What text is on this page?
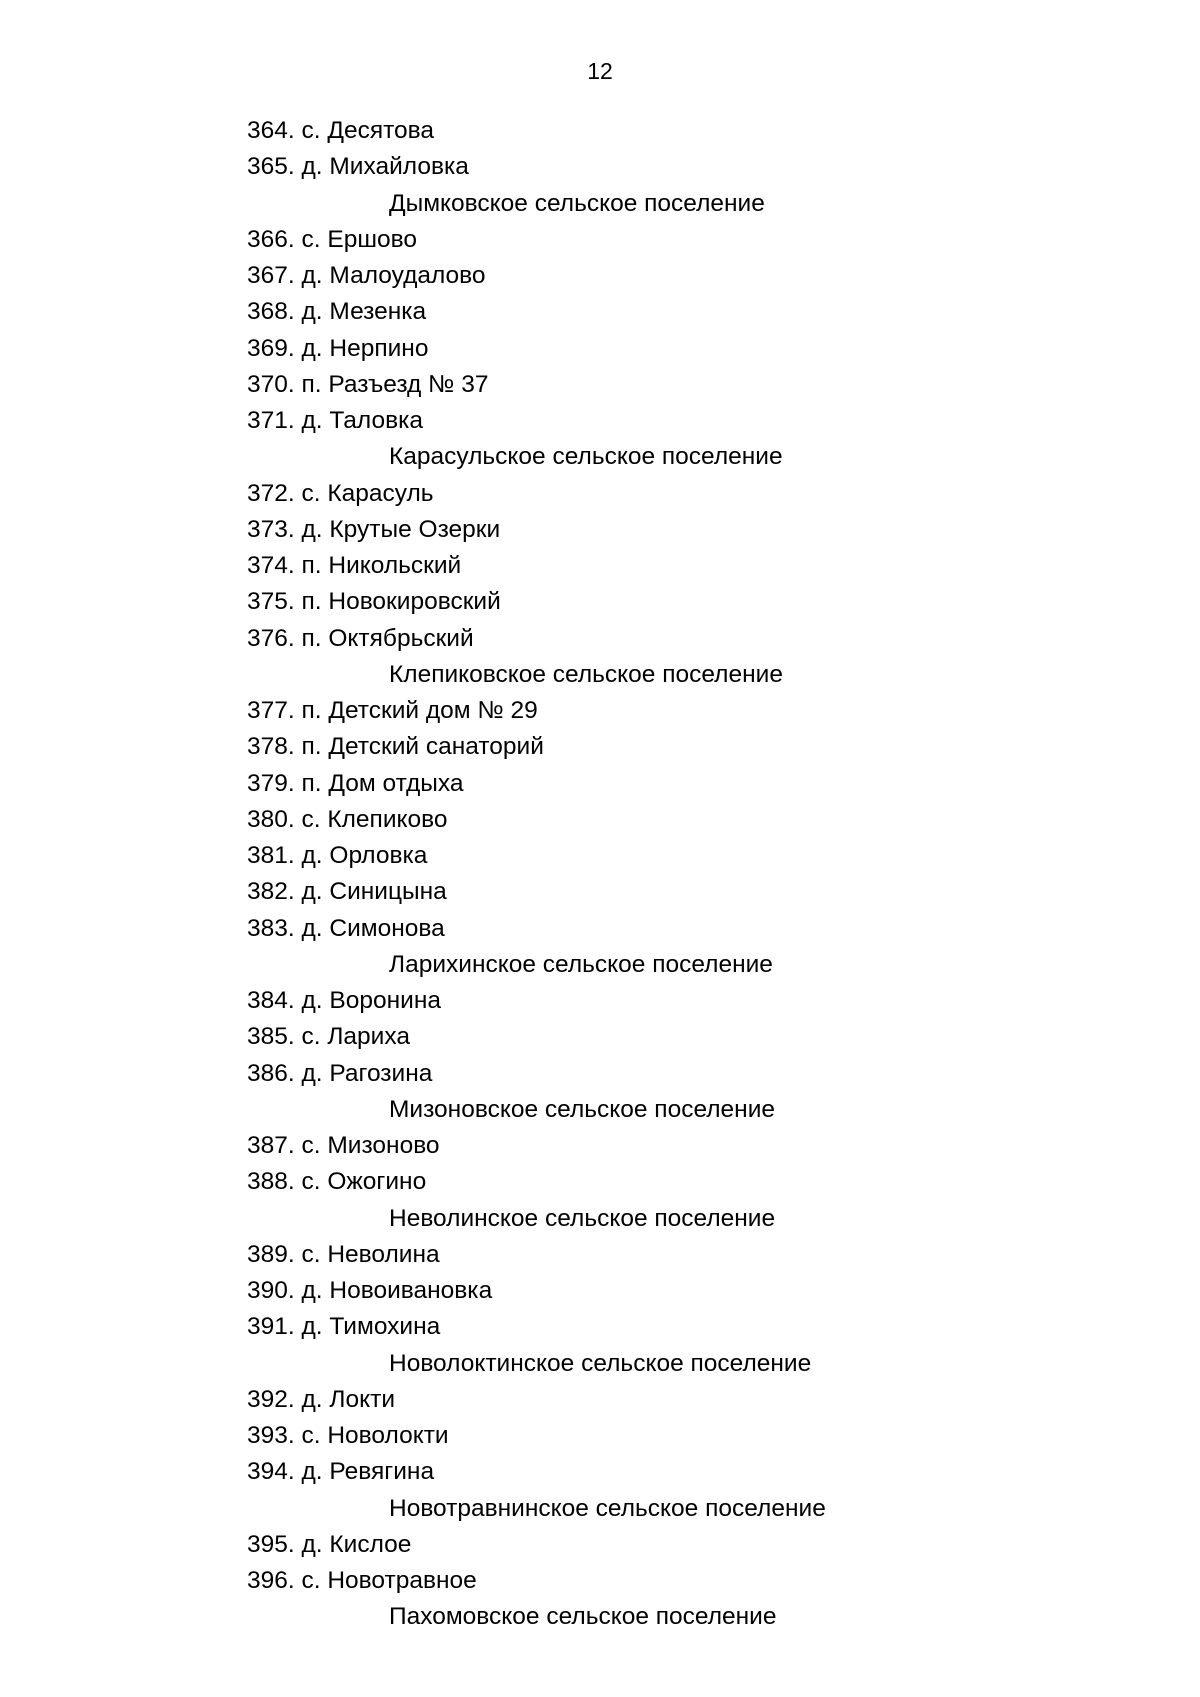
12
364. с. Десятова
365. д. Михайловка
Дымковское сельское поселение
366. с. Ершово
367. д. Малоудалово
368. д. Мезенка
369. д. Нерпино
370. п. Разъезд № 37
371. д. Таловка
Карасульское сельское поселение
372. с. Карасуль
373. д. Крутые Озерки
374. п. Никольский
375. п. Новокировский
376. п. Октябрьский
Клепиковское сельское поселение
377. п. Детский дом № 29
378. п. Детский санаторий
379. п. Дом отдыха
380. с. Клепиково
381. д. Орловка
382. д. Синицына
383. д. Симонова
Ларихинское сельское поселение
384. д. Воронина
385. с. Лариха
386. д. Рагозина
Мизоновское сельское поселение
387. с. Мизоново
388. с. Ожогино
Неволинское сельское поселение
389. с. Неволина
390. д. Новоивановка
391. д. Тимохина
Новолоктинское сельское поселение
392. д. Локти
393. с. Новолокти
394. д. Ревягина
Новотравнинское сельское поселение
395. д. Кислое
396. с. Новотравное
Пахомовское сельское поселение
